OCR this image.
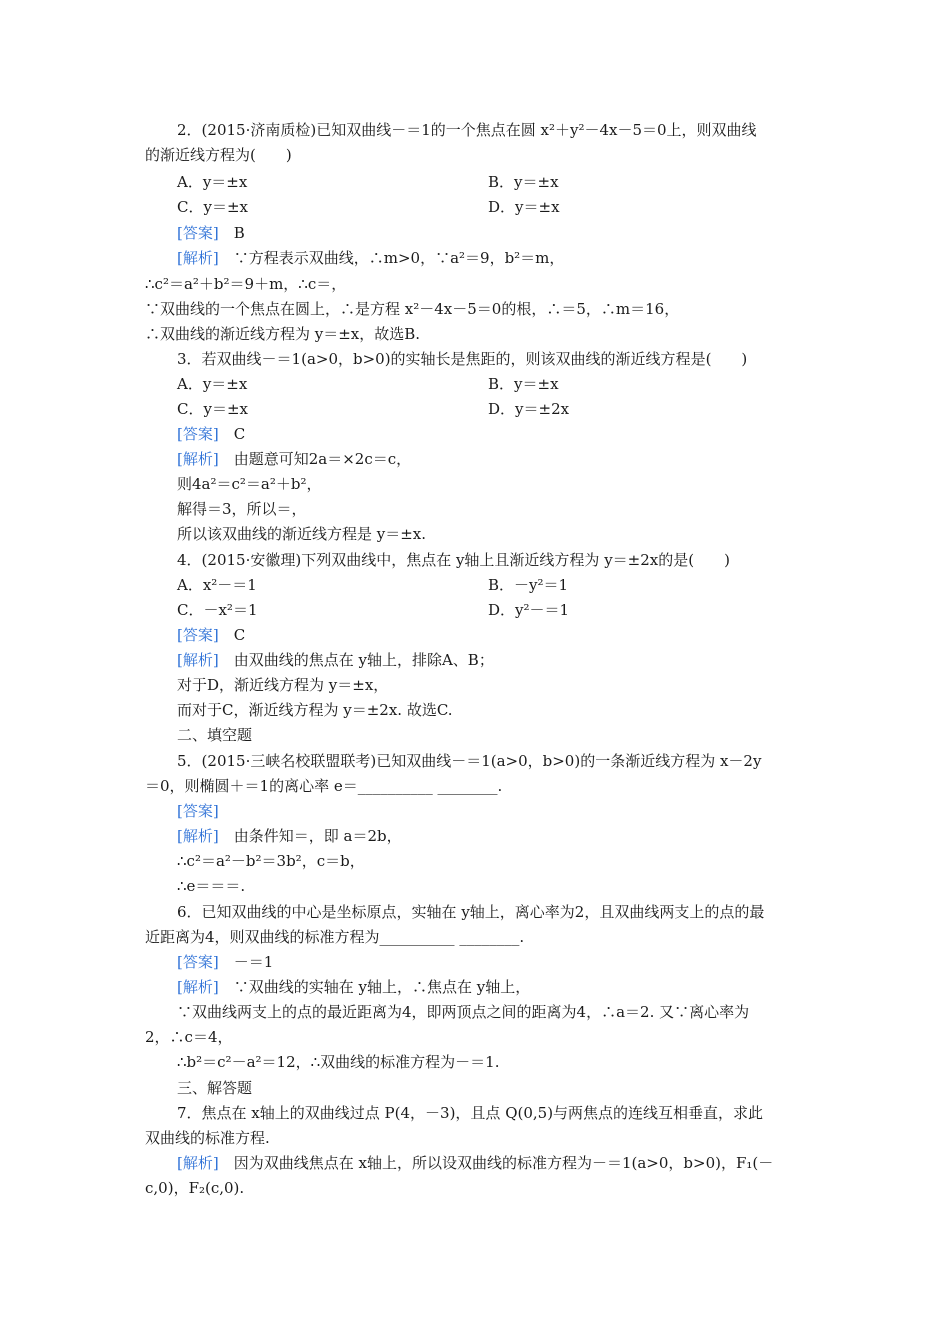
2．(2015·济南质检)已知双曲线－＝1的一个焦点在圆 x²＋y²－4x－5＝0上，则双曲线
的渐近线方程为(　　)
A．y＝±x	B．y＝±x
C．y＝±x	D．y＝±x
[答案]　 B
[解析]　 ∵方程表示双曲线，∴m>0，∵a²＝9，b²＝m，
∴c²＝a²＋b²＝9＋m，∴c＝，
∵双曲线的一个焦点在圆上，∴是方程 x²－4x－5＝0的根，∴＝5，∴m＝16，
∴双曲线的渐近线方程为 y＝±x，故选B.
3．若双曲线－＝1(a>0，b>0)的实轴长是焦距的，则该双曲线的渐近线方程是(　　)
A．y＝±x	B．y＝±x
C．y＝±x	D．y＝±2x
[答案]　 C
[解析]　 由题意可知2a＝×2c＝c，
则4a²＝c²＝a²＋b²，
解得＝3，所以＝，
所以该双曲线的渐近线方程是 y＝±x.
4．(2015·安徽理)下列双曲线中，焦点在 y轴上且渐近线方程为 y＝±2x的是(　　)
A．x²－＝1	B．－y²＝1
C．－x²＝1	D．y²－＝1
[答案]　 C
[解析]　 由双曲线的焦点在 y轴上，排除A、B；
对于D，渐近线方程为 y＝±x，
而对于C，渐近线方程为 y＝±2x. 故选C.
二、填空题
5．(2015·三峡名校联盟联考)已知双曲线－＝1(a>0，b>0)的一条渐近线方程为 x－2y
＝0，则椭圆＋＝1的离心率 e＝__________ ________.
[答案]
[解析]　 由条件知＝，即 a＝2b，
∴c²＝a²－b²＝3b²，c＝b，
∴e＝＝＝.
6．已知双曲线的中心是坐标原点，实轴在 y轴上，离心率为2，且双曲线两支上的点的最
近距离为4，则双曲线的标准方程为__________ ________.
[答案]　 －＝1
[解析]　 ∵双曲线的实轴在 y轴上，∴焦点在 y轴上，
∵双曲线两支上的点的最近距离为4，即两顶点之间的距离为4，∴a＝2. 又∵离心率为
2，∴c＝4，
∴b²＝c²－a²＝12，∴双曲线的标准方程为－＝1.
三、解答题
7．焦点在 x轴上的双曲线过点 P(4，－3)，且点 Q(0,5)与两焦点的连线互相垂直，求此
双曲线的标准方程.
[解析]　 因为双曲线焦点在 x轴上，所以设双曲线的标准方程为－＝1(a>0，b>0)，F₁(－
c,0)，F₂(c,0).
